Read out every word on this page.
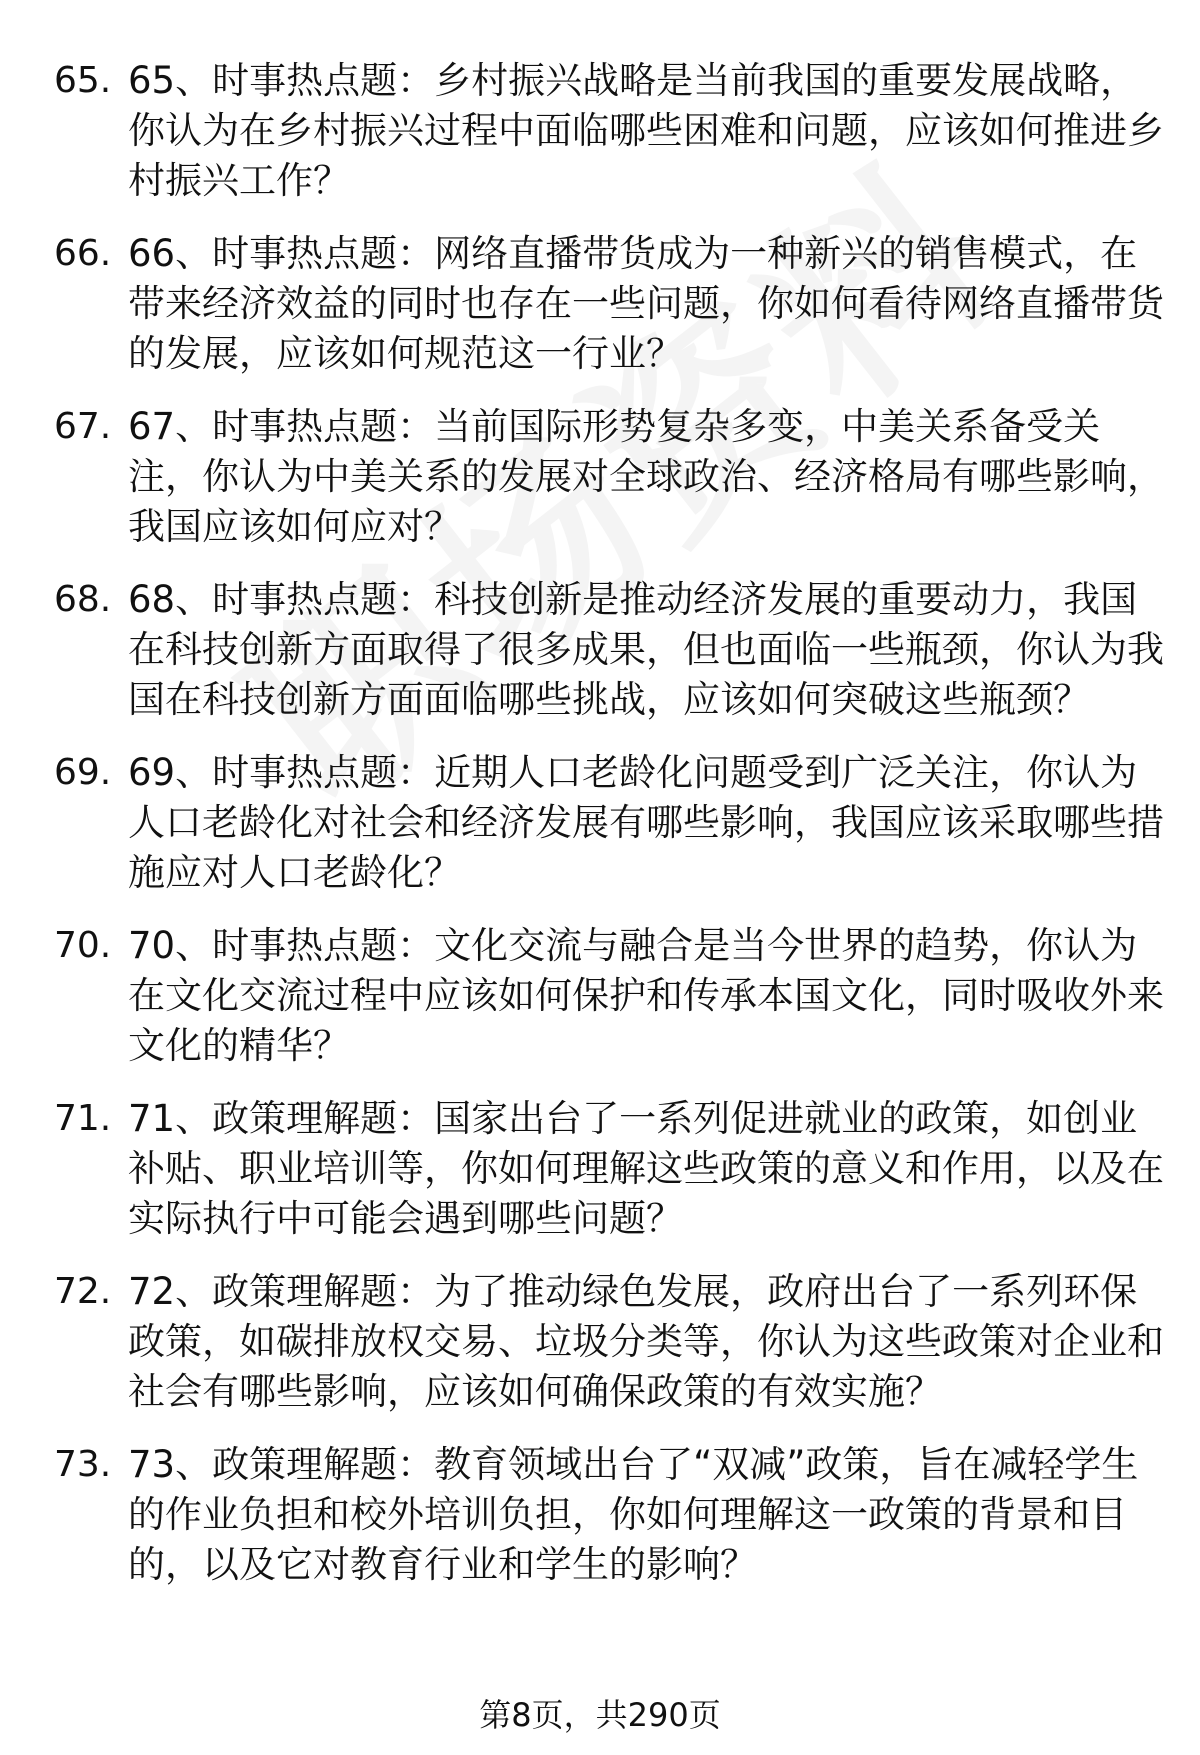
65. 65、时事热点题：乡村振兴战略是当前我国的重要发展战略，你认为在乡村振兴过程中面临哪些困难和问题，应该如何推进乡村振兴工作？
66. 66、时事热点题：网络直播带货成为一种新兴的销售模式，在带来经济效益的同时也存在一些问题，你如何看待网络直播带货的发展，应该如何规范这一行业？
67. 67、时事热点题：当前国际形势复杂多变，中美关系备受关注，你认为中美关系的发展对全球政治、经济格局有哪些影响，我国应该如何应对？
68. 68、时事热点题：科技创新是推动经济发展的重要动力，我国在科技创新方面取得了很多成果，但也面临一些瓶颈，你认为我国在科技创新方面面临哪些挑战，应该如何突破这些瓶颈？
69. 69、时事热点题：近期人口老龄化问题受到广泛关注，你认为人口老龄化对社会和经济发展有哪些影响，我国应该采取哪些措施应对人口老龄化？
70. 70、时事热点题：文化交流与融合是当今世界的趋势，你认为在文化交流过程中应该如何保护和传承本国文化，同时吸收外来文化的精华？
71. 71、政策理解题：国家出台了一系列促进就业的政策，如创业补贴、职业培训等，你如何理解这些政策的意义和作用，以及在实际执行中可能会遇到哪些问题？
72. 72、政策理解题：为了推动绿色发展，政府出台了一系列环保政策，如碳排放权交易、垃圾分类等，你认为这些政策对企业和社会有哪些影响，应该如何确保政策的有效实施？
73. 73、政策理解题：教育领域出台了“双减”政策，旨在减轻学生的作业负担和校外培训负担，你如何理解这一政策的背景和目的，以及它对教育行业和学生的影响？
第8页，共290页
